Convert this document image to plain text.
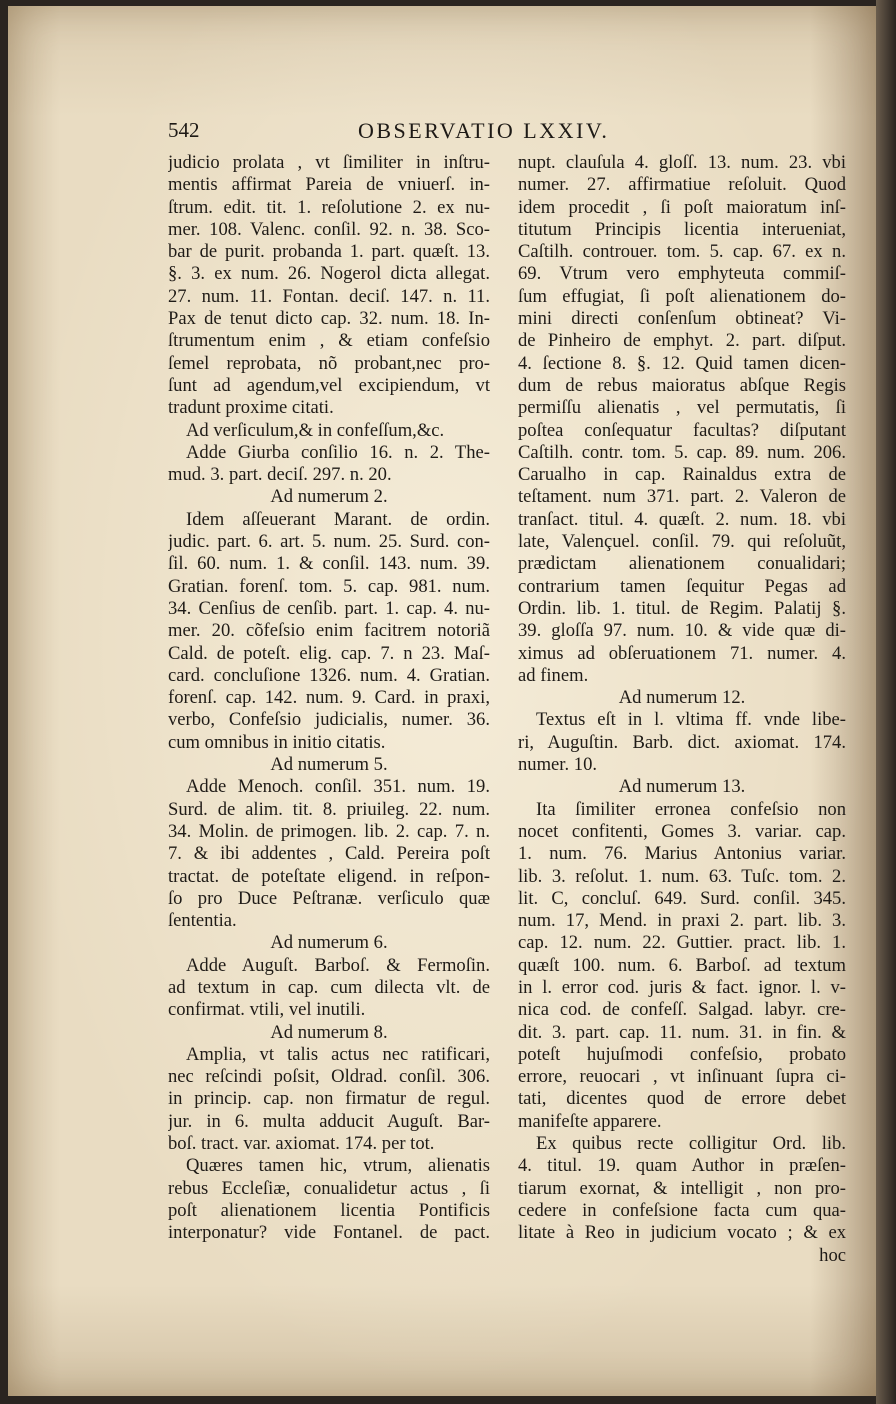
542	OBSERVATIO LXXIV.
judicio prolata , vt ſimiliter in inſtru-
mentis affirmat Pareia de vniuerſ. in-
ſtrum. edit. tit. 1. reſolutione 2. ex nu-
mer. 108. Valenc. conſil. 92. n. 38. Sco-
bar de purit. probanda 1. part. quæſt. 13.
§. 3. ex num. 26. Nogerol dicta allegat.
27. num. 11. Fontan. deciſ. 147. n. 11.
Pax de tenut dicto cap. 32. num. 18. In-
ſtrumentum enim , & etiam confeſsio
ſemel reprobata, nõ probant,nec pro-
ſunt ad agendum,vel excipiendum, vt
tradunt proxime citati.
Ad verſiculum,& in confeſſum,&c.
Adde Giurba conſilio 16. n. 2. The-
mud. 3. part. deciſ. 297. n. 20.
Ad numerum 2.
Idem aſſeuerant Marant. de ordin.
judic. part. 6. art. 5. num. 25. Surd. con-
ſil. 60. num. 1. & conſil. 143. num. 39.
Gratian. forenſ. tom. 5. cap. 981. num.
34. Cenſius de cenſib. part. 1. cap. 4. nu-
mer. 20. cõfeſsio enim facitrem notoriã
Cald. de poteſt. elig. cap. 7. n 23. Maſ-
card. concluſione 1326. num. 4. Gratian.
forenſ. cap. 142. num. 9. Card. in praxi,
verbo, Confeſsio judicialis, numer. 36.
cum omnibus in initio citatis.
Ad numerum 5.
Adde Menoch. conſil. 351. num. 19.
Surd. de alim. tit. 8. priuileg. 22. num.
34. Molin. de primogen. lib. 2. cap. 7. n.
7. & ibi addentes , Cald. Pereira poſt
tractat. de poteſtate eligend. in reſpon-
ſo pro Duce Peſtranæ. verſiculo quæ
ſententia.
Ad numerum 6.
Adde Auguſt. Barboſ. & Fermoſin.
ad textum in cap. cum dilecta vlt. de
confirmat. vtili, vel inutili.
Ad numerum 8.
Amplia, vt talis actus nec ratificari,
nec reſcindi poſsit, Oldrad. conſil. 306.
in princip. cap. non firmatur de regul.
jur. in 6. multa adducit Auguſt. Bar-
boſ. tract. var. axiomat. 174. per tot.
Quæres tamen hic, vtrum, alienatis
rebus Eccleſiæ, conualidetur actus , ſi
poſt alienationem licentia Pontificis
interponatur? vide Fontanel. de pact.
nupt. clauſula 4. gloſſ. 13. num. 23. vbi
numer. 27. affirmatiue reſoluit. Quod
idem procedit , ſi poſt maioratum inſ-
titutum Principis licentia interueniat,
Caſtilh. controuer. tom. 5. cap. 67. ex n.
69. Vtrum vero emphyteuta commiſ-
ſum effugiat, ſi poſt alienationem do-
mini directi conſenſum obtineat? Vi-
de Pinheiro de emphyt. 2. part. diſput.
4. ſectione 8. §. 12. Quid tamen dicen-
dum de rebus maioratus abſque Regis
permiſſu alienatis , vel permutatis, ſi
poſtea conſequatur facultas? diſputant
Caſtilh. contr. tom. 5. cap. 89. num. 206.
Carualho in cap. Rainaldus extra de
teſtament. num 371. part. 2. Valeron de
tranſact. titul. 4. quæſt. 2. num. 18. vbi
late, Valençuel. conſil. 79. qui reſoluũt,
prædictam alienationem conualidari;
contrarium tamen ſequitur Pegas ad
Ordin. lib. 1. titul. de Regim. Palatij §.
39. gloſſa 97. num. 10. & vide quæ di-
ximus ad obſeruationem 71. numer. 4.
ad finem.
Ad numerum 12.
Textus eſt in l. vltima ff. vnde libe-
ri, Auguſtin. Barb. dict. axiomat. 174.
numer. 10.
Ad numerum 13.
Ita ſimiliter erronea confeſsio non
nocet confitenti, Gomes 3. variar. cap.
1. num. 76. Marius Antonius variar.
lib. 3. reſolut. 1. num. 63. Tuſc. tom. 2.
lit. C, concluſ. 649. Surd. conſil. 345.
num. 17, Mend. in praxi 2. part. lib. 3.
cap. 12. num. 22. Guttier. pract. lib. 1.
quæſt 100. num. 6. Barboſ. ad textum
in l. error cod. juris & fact. ignor. l. v-
nica cod. de confeſſ. Salgad. labyr. cre-
dit. 3. part. cap. 11. num. 31. in fin. &
poteſt hujuſmodi confeſsio, probato
errore, reuocari , vt inſinuant ſupra ci-
tati, dicentes quod de errore debet
manifeſte apparere.
Ex quibus recte colligitur Ord. lib.
4. titul. 19. quam Author in præſen-
tiarum exornat, & intelligit , non pro-
cedere in confeſsione facta cum qua-
litate à Reo in judicium vocato ; & ex
hoc
